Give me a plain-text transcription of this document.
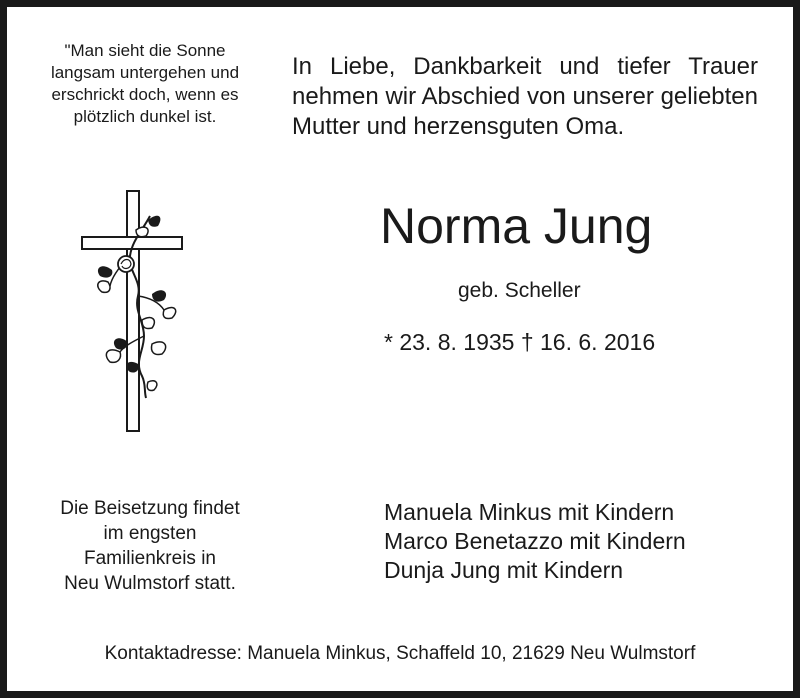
"Man sieht die Sonne
langsam untergehen und
erschrickt doch, wenn es
plötzlich dunkel ist.
In Liebe, Dankbarkeit und tiefer Trauer nehmen wir Abschied von unserer geliebten Mutter und herzensguten Oma.
Norma Jung
geb. Scheller
* 23. 8. 1935 † 16. 6. 2016
Die Beisetzung findet
im engsten
Familienkreis in
Neu Wulmstorf statt.
Manuela Minkus mit Kindern
Marco Benetazzo mit Kindern
Dunja Jung mit Kindern
Kontaktadresse: Manuela Minkus, Schaffeld 10, 21629 Neu Wulmstorf
